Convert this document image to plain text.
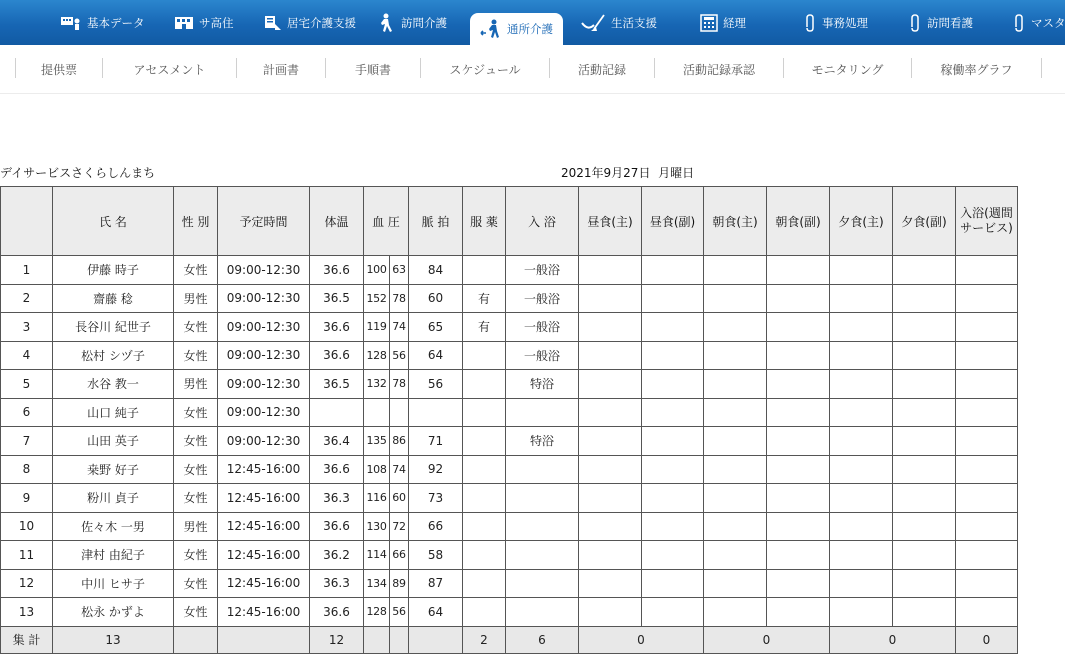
基本データ	サ高住	居宅介護支援	訪問介護	通所介護	生活支援	経理	事務処理	訪問看護	マスタ
提供票	アセスメント	計画書	手順書	スケジュール	活動記録	活動記録承認	モニタリング	稼働率グラフ
デイサービスさくらしんまち	2021年9月27日 月曜日
	氏 名	性 別	予定時間	体温	血 圧		脈 拍	服 薬	入 浴	昼食(主)	昼食(副)	朝食(主)	朝食(副)	夕食(主)	夕食(副)	入浴(週間サービス)
1	伊藤 時子	女性	09:00-12:30	36.6	100	63	84		一般浴							
2	齋藤 稔	男性	09:00-12:30	36.5	152	78	60	有	一般浴							
3	長谷川 紀世子	女性	09:00-12:30	36.6	119	74	65	有	一般浴							
4	松村 シヅ子	女性	09:00-12:30	36.6	128	56	64		一般浴							
5	水谷 教一	男性	09:00-12:30	36.5	132	78	56		特浴							
6	山口 純子	女性	09:00-12:30													
7	山田 英子	女性	09:00-12:30	36.4	135	86	71		特浴							
8	桒野 好子	女性	12:45-16:00	36.6	108	74	92									
9	粉川 貞子	女性	12:45-16:00	36.3	116	60	73									
10	佐々木 一男	男性	12:45-16:00	36.6	130	72	66									
11	津村 由紀子	女性	12:45-16:00	36.2	114	66	58									
12	中川 ヒサ子	女性	12:45-16:00	36.3	134	89	87									
13	松永 かずよ	女性	12:45-16:00	36.6	128	56	64									
集 計	13			12				2	6	0		0		0		0
